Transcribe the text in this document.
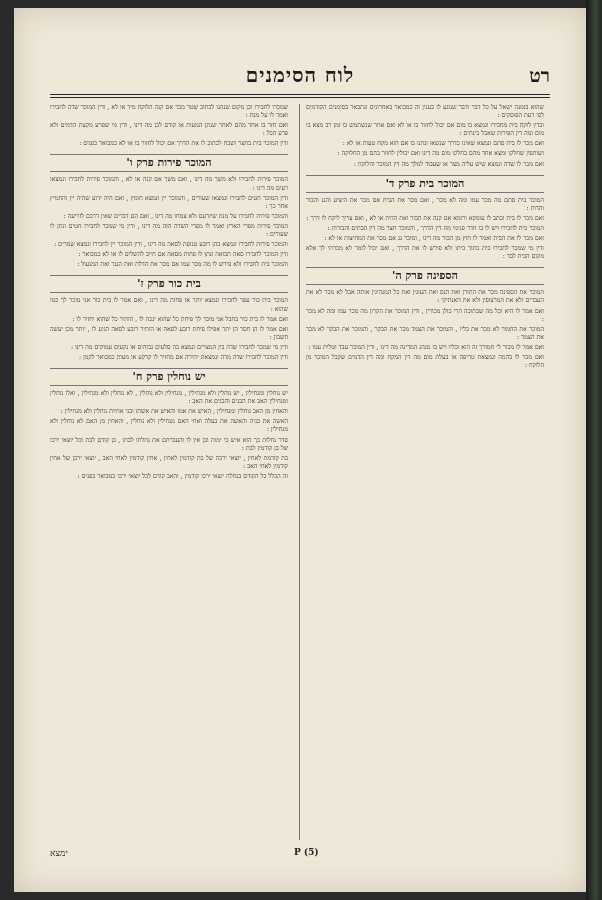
רט
לוח הסימנים

שהוא בזמנה ישאל על כל דבר ודבר שנוגע לו בענין זה כמבואר באחרונים ונתבאר בסימנים הקודמים לפי דעת הפוסקים :

ובדין לוקח בית מחבירו ונמצא בו מום אם יכול לחזור בו או לא ואם אחר שנשתמש בו זמן רב מצא בו מום ומה דין הפירות שאכל בינתים :

ואם מכר לו בית סתם ונמצא שאינו כדרך שנשאו ונתנו בו אם הוא מקח טעות או לא :

ושותפין שחלקו ומצא אחד מהם בחלקו מום מה דינו ואם יכולין לחזור בהם מן החלוקה :

ואם מכר לו שדה ונמצא שיש עליה מצר או שעבוד למלך מה דין המוכר והלוקח :

המוכר בית פרק ד'

המוכר בית סתם מה מכר עמו ומה לא מכר , ואם מכר את הבית אם מכר את היציע והגג והבור והדות :

ואם מכר לו בית וכתב לו עומקא ורומא אם קנה את הבור ואת הדות או לא , ואם צריך ליקח לו דרך :

המוכר בית לחבירו ויש לו בו חדר פנימי מה דין הדרך , והמוכר חצר מה דין הבתים והבורות :

ואם מכר לו את הבית ואמר לו חוץ מן הבור מה דינו , ומוכר גג אם מכר את המחיצות או לא :

ודין מי שמכר לחבירו בית בתוך ביתו ולא פירש לו את הדרך , ואם יכול לומר לא מכרתי לך אלא מקום הבית לבד :

הספינה פרק ה'

המוכר את הספינה מכר את התורן ואת הנס ואת העוגין ואת כל המנהיגין אותה אבל לא מכר לא את העבדים ולא את המרצופין ולא את האנתיקי :

ואם אמר לו היא וכל מה שבתוכה הרי כולן מכורין , ודין המוכר את הקרון מה מכר עמו ומה לא מכר :

המוכר את החמור לא מכר את כליו , והמוכר את הצמד מכר את הבקר , והמוכר את הבקר לא מכר את הצמד :

ואם אמר לו מכור לי חמורך זה הוא וכליו ויש בו מנהג המדינה מה דינו , ודין המוכר עבד וטלית עמו :

ואם מכר לו בהמה ונמצאת טריפה או בעלת מום מה דין המקח ומה דין הדמים שקבל המוכר מן הלוקח :

שמכרו לחבירו וכן מקום שנהגו לכתוב שטר מכר אם קנה הלוקח מיד או לא , ודין המוכר שדה לחבירו ואמר לו על מנת :

ואם חזר בו אחד מהם לאחר שנתן המעות או קודם לכן מה דינו , ודין מי שפרע מקצת הדמים ולא פרע הכל :

ודין המוכר בית בחצר ושכח לכתוב לו את הדרך אם יכול לחזור בו או לא כמבואר בפנים :

המוכר פירות פרק ו'

המוכר פירות לחבירו ולא משך מה דינו , ואם משך אם קנה או לא , והמוכר פירות לחבירו ונמצאו רעים מה דינו :

ודין המוכר חטים לחבירו ונמצאו שעורים , והמוכר יין ונמצא חומץ , ואם היה ידוע שהיה יין והחמיץ אחר כך :

והמוכר פירות לחבירו על מנת שיזרעם ולא צמחו מה דינו , ואם הם דברים שאין דרכם לזריעה :

המוכר פירות מפרי הארץ ואמר לו מפרי השדה הזה מה דינו , ודין מי שמכר לחבירו חטים ונתן לו שעורים :

והמוכר פירות לחבירו ונמצא בהן רובע טנופת לסאה מה דינו , ודין המוכר יין לחבירו ונמצא שמרים :

ודין המוכר לחבירו סאה תבואה ונתן לו פחות מסאה אם חייב להשלים לו או לא כמבואר :

והמוכר בית לחבירו ולא פירש לו מה מכר עמו אם מכר את הדלת ואת הנגר ואת המנעול :

בית כור פרק ז'

המוכר בית כור עפר לחבירו ונמצא יותר או פחות מה דינו , ואם אמר לו בית כור אני מוכר לך כמו שהוא :

ואם אמר לו בית כור בחבל אני מוכר לך פיחת כל שהוא ינכה לו , הותיר כל שהוא יחזיר לו :

ואם אמר לו הן חסר הן יתר אפילו פיחת רובע לסאה או הותיר רובע לסאה הגיע לו , יותר מכן יעשה חשבון :

ודין מי שמכר לחבירו שדה בין המצרים ונמצא בה סלעים גבוהים או נקעים עמוקים מה דינו :

ודין המוכר לחבירו שדה מדה ונמצאת יתירה אם מחזיר לו קרקע או מעות כמבואר לקמן :

יש נוחלין פרק ח'

יש נוחלין ומנחילין , יש נוחלין ולא מנחילין , מנחילין ולא נוחלין , לא נוחלין ולא מנחילין , ואלו נוחלין ומנחילין האב את הבנים והבנים את האב :

והאחין מן האב נוחלין ומנחילין , האיש את אמו והאיש את אשתו ובני אחיות נוחלין ולא מנחילין :

האשה את בניה והאשה את בעלה ואחי האם מנחילין ולא נוחלין , והאחין מן האם לא נוחלין ולא מנחילין :

סדר נחלות כך הוא איש כי ימות ובן אין לו והעברתם את נחלתו לבתו , בן קודם לבת וכל יוצאי ירכו של בן קודמין לבת :

בת קודמת לאחין , יוצאי ירכה של בת קודמין לאחין , אחין קודמין לאחי האב , יוצאי ירכן של אחין קודמין לאחי האב :

זה הכלל כל הקודם בנחלה יוצאי ירכו קודמין , והאב קודם לכל יוצאי ירכו כמבואר בפנים :

ימצא	P (5)
